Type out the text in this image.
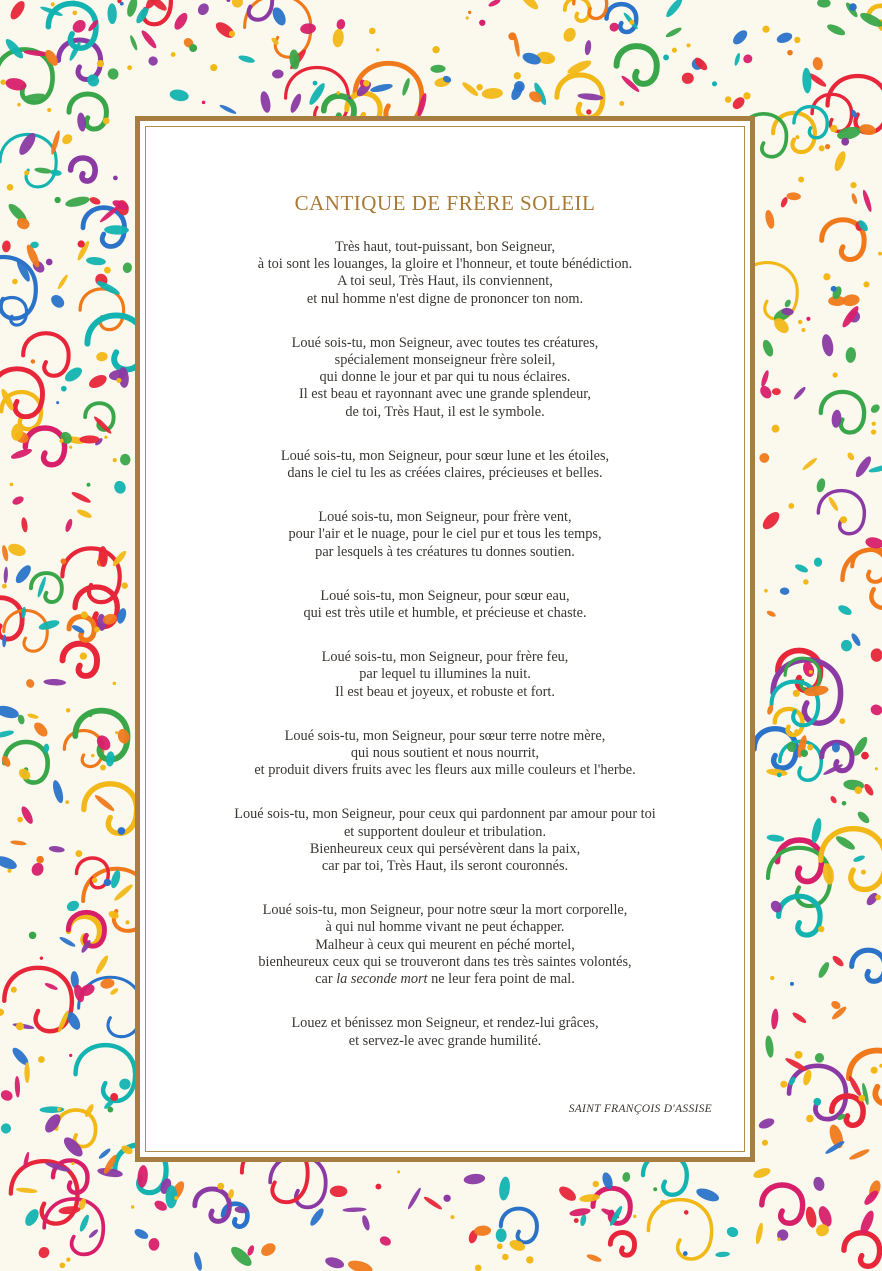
CANTIQUE DE FRÈRE SOLEIL
Très haut, tout-puissant, bon Seigneur,
à toi sont les louanges, la gloire et l'honneur, et toute bénédiction.
A toi seul, Très Haut, ils conviennent,
et nul homme n'est digne de prononcer ton nom.
Loué sois-tu, mon Seigneur, avec toutes tes créatures,
spécialement monseigneur frère soleil,
qui donne le jour et par qui tu nous éclaires.
Il est beau et rayonnant avec une grande splendeur,
de toi, Très Haut, il est le symbole.
Loué sois-tu, mon Seigneur, pour sœur lune et les étoiles,
dans le ciel tu les as créées claires, précieuses et belles.
Loué sois-tu, mon Seigneur, pour frère vent,
pour l'air et le nuage, pour le ciel pur et tous les temps,
par lesquels à tes créatures tu donnes soutien.
Loué sois-tu, mon Seigneur, pour sœur eau,
qui est très utile et humble, et précieuse et chaste.
Loué sois-tu, mon Seigneur, pour frère feu,
par lequel tu illumines la nuit.
Il est beau et joyeux, et robuste et fort.
Loué sois-tu, mon Seigneur, pour sœur terre notre mère,
qui nous soutient et nous nourrit,
et produit divers fruits avec les fleurs aux mille couleurs et l'herbe.
Loué sois-tu, mon Seigneur, pour ceux qui pardonnent par amour pour toi
et supportent douleur et tribulation.
Bienheureux ceux qui persévèrent dans la paix,
car par toi, Très Haut, ils seront couronnés.
Loué sois-tu, mon Seigneur, pour notre sœur la mort corporelle,
à qui nul homme vivant ne peut échapper.
Malheur à ceux qui meurent en péché mortel,
bienheureux ceux qui se trouveront dans tes très saintes volontés,
car la seconde mort ne leur fera point de mal.
Louez et bénissez mon Seigneur, et rendez-lui grâces,
et servez-le avec grande humilité.
SAINT FRANÇOIS D'ASSISE
